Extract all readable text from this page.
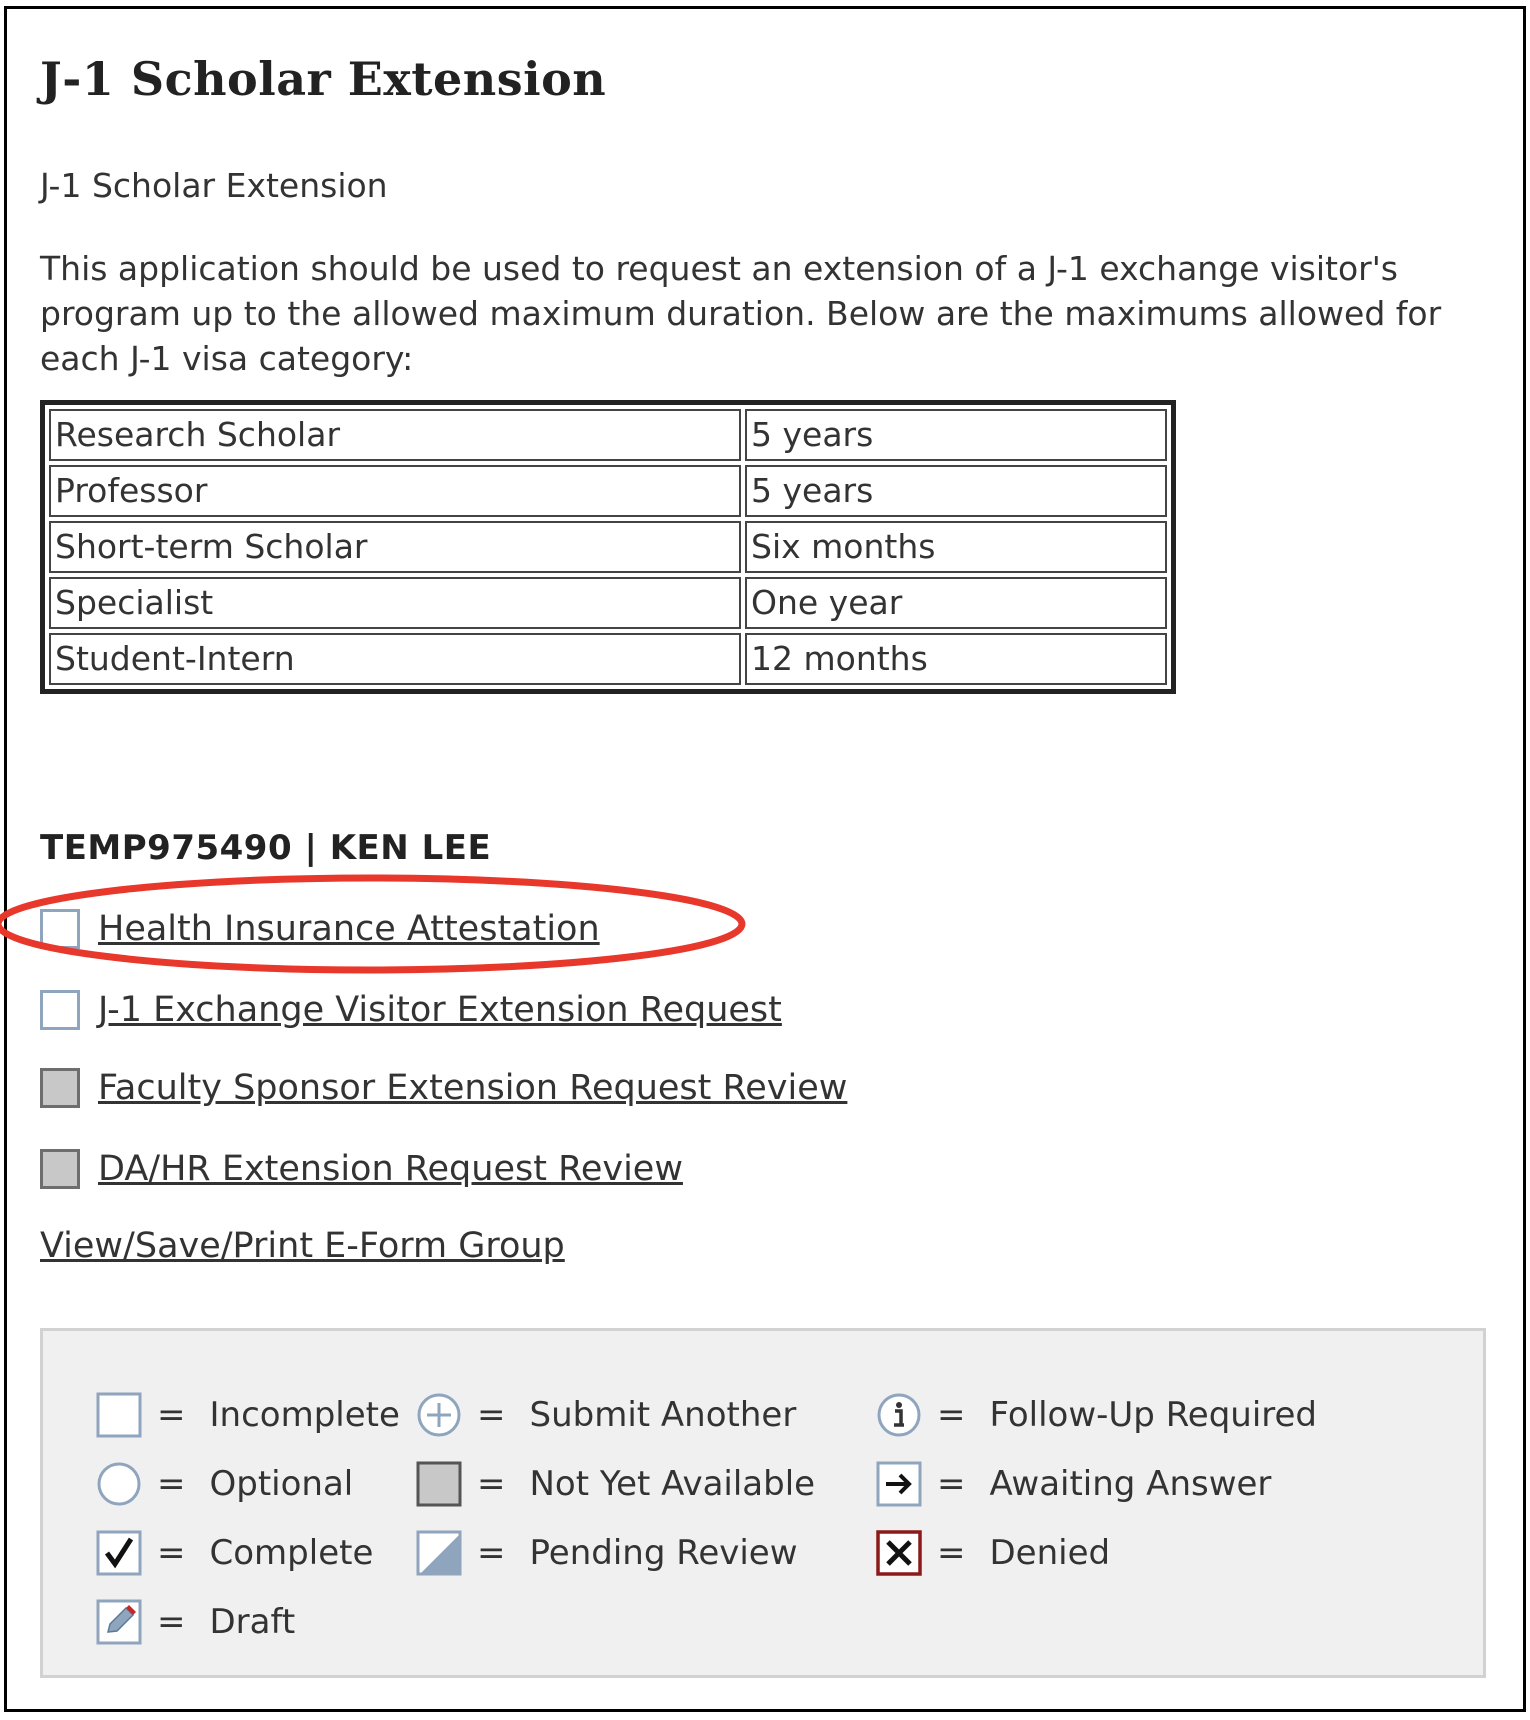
J-1 Scholar Extension
J-1 Scholar Extension

This application should be used to request an extension of a J-1 exchange visitor's program up to the allowed maximum duration. Below are the maximums allowed for each J-1 visa category:

Research Scholar	5 years
Professor	5 years
Short-term Scholar	Six months
Specialist	One year
Student-Intern	12 months
TEMP975490 | KEN LEE
Health Insurance Attestation
J-1 Exchange Visitor Extension Request
Faculty Sponsor Extension Request Review
DA/HR Extension Request Review
View/Save/Print E-Form Group
= Incomplete
= Optional
= Complete
= Draft
= Submit Another
= Not Yet Available
= Pending Review
= Follow-Up Required
= Awaiting Answer
= Denied
